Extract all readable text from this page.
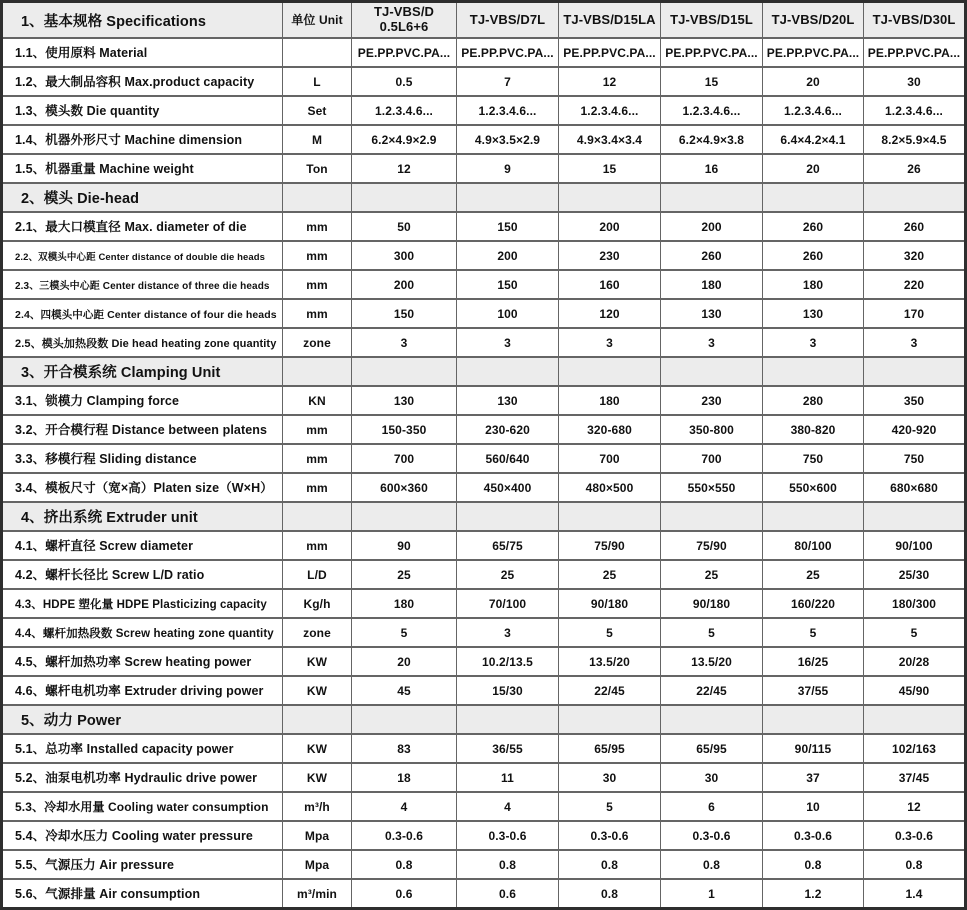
1、基本规格 Specifications	单位 Unit	TJ-VBS/D 0.5L6+6	TJ-VBS/D7L	TJ-VBS/D15LA	TJ-VBS/D15L	TJ-VBS/D20L	TJ-VBS/D30L
1.1、使用原料 Material		PE.PP.PVC.PA...	PE.PP.PVC.PA...	PE.PP.PVC.PA...	PE.PP.PVC.PA...	PE.PP.PVC.PA...	PE.PP.PVC.PA...
1.2、最大制品容积 Max.product capacity	L	0.5	7	12	15	20	30
1.3、模头数 Die quantity	Set	1.2.3.4.6...	1.2.3.4.6...	1.2.3.4.6...	1.2.3.4.6...	1.2.3.4.6...	1.2.3.4.6...
1.4、机器外形尺寸 Machine dimension	M	6.2×4.9×2.9	4.9×3.5×2.9	4.9×3.4×3.4	6.2×4.9×3.8	6.4×4.2×4.1	8.2×5.9×4.5
1.5、机器重量 Machine weight	Ton	12	9	15	16	20	26
2、模头 Die-head							
2.1、最大口模直径 Max. diameter of die	mm	50	150	200	200	260	260
2.2、双模头中心距 Center distance of double die heads	mm	300	200	230	260	260	320
2.3、三模头中心距 Center distance of three die heads	mm	200	150	160	180	180	220
2.4、四模头中心距 Center distance of four die heads	mm	150	100	120	130	130	170
2.5、模头加热段数 Die head heating zone quantity	zone	3	3	3	3	3	3
3、开合模系统 Clamping Unit							
3.1、锁模力 Clamping force	KN	130	130	180	230	280	350
3.2、开合模行程 Distance between platens	mm	150-350	230-620	320-680	350-800	380-820	420-920
3.3、移模行程 Sliding distance	mm	700	560/640	700	700	750	750
3.4、模板尺寸（宽×高）Platen size（W×H）	mm	600×360	450×400	480×500	550×550	550×600	680×680
4、挤出系统 Extruder unit							
4.1、螺杆直径 Screw diameter	mm	90	65/75	75/90	75/90	80/100	90/100
4.2、螺杆长径比 Screw L/D ratio	L/D	25	25	25	25	25	25/30
4.3、HDPE 塑化量 HDPE Plasticizing capacity	Kg/h	180	70/100	90/180	90/180	160/220	180/300
4.4、螺杆加热段数 Screw heating zone quantity	zone	5	3	5	5	5	5
4.5、螺杆加热功率 Screw heating power	KW	20	10.2/13.5	13.5/20	13.5/20	16/25	20/28
4.6、螺杆电机功率 Extruder driving power	KW	45	15/30	22/45	22/45	37/55	45/90
5、动力 Power							
5.1、总功率 Installed capacity power	KW	83	36/55	65/95	65/95	90/115	102/163
5.2、油泵电机功率 Hydraulic drive power	KW	18	11	30	30	37	37/45
5.3、冷却水用量 Cooling water consumption	m³/h	4	4	5	6	10	12
5.4、冷却水压力 Cooling water pressure	Mpa	0.3-0.6	0.3-0.6	0.3-0.6	0.3-0.6	0.3-0.6	0.3-0.6
5.5、气源压力 Air pressure	Mpa	0.8	0.8	0.8	0.8	0.8	0.8
5.6、气源排量 Air consumption	m³/min	0.6	0.6	0.8	1	1.2	1.4
